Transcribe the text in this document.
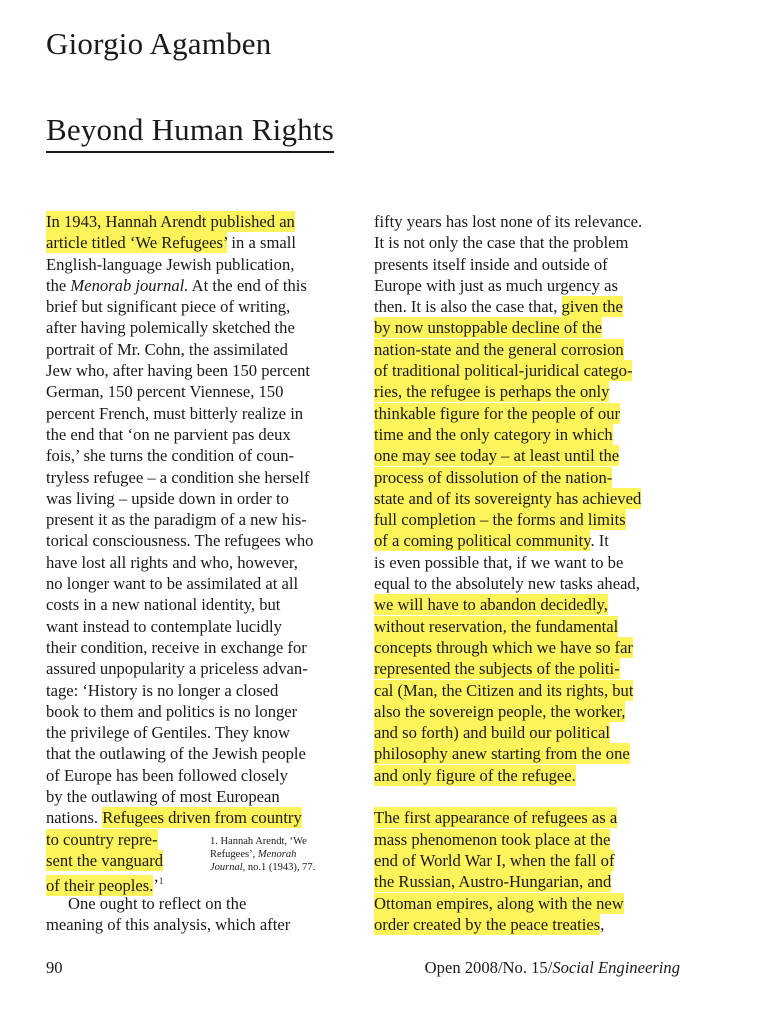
Giorgio Agamben
Beyond Human Rights
In 1943, Hannah Arendt published an
article titled ‘We Refugees’ in a small
English-language Jewish publication,
the Menorab journal. At the end of this
brief but significant piece of writing,
after having polemically sketched the
portrait of Mr. Cohn, the assimilated
Jew who, after having been 150 percent
German, 150 percent Viennese, 150
percent French, must bitterly realize in
the end that ‘on ne parvient pas deux
fois,’ she turns the condition of coun-
tryless refugee – a condition she herself
was living – upside down in order to
present it as the paradigm of a new his-
torical consciousness. The refugees who
have lost all rights and who, however,
no longer want to be assimilated at all
costs in a new national identity, but
want instead to contemplate lucidly
their condition, receive in exchange for
assured unpopularity a priceless advan-
tage: ‘History is no longer a closed
book to them and politics is no longer
the privilege of Gentiles. They know
that the outlawing of the Jewish people
of Europe has been followed closely
by the outlawing of most European
nations. Refugees driven from country
to country repre-
sent the vanguard
of their peoples.’$^1$
One ought to reflect on the
meaning of this analysis, which after
1. Hannah Arendt, ‘We
Refugees’, Menorah
Journal, no.1 (1943), 77.
fifty years has lost none of its relevance.
It is not only the case that the problem
presents itself inside and outside of
Europe with just as much urgency as
then. It is also the case that, given the
by now unstoppable decline of the
nation-state and the general corrosion
of traditional political-juridical catego-
ries, the refugee is perhaps the only
thinkable figure for the people of our
time and the only category in which
one may see today – at least until the
process of dissolution of the nation-
state and of its sovereignty has achieved
full completion – the forms and limits
of a coming political community. It
is even possible that, if we want to be
equal to the absolutely new tasks ahead,
we will have to abandon decidedly,
without reservation, the fundamental
concepts through which we have so far
represented the subjects of the politi-
cal (Man, the Citizen and its rights, but
also the sovereign people, the worker,
and so forth) and build our political
philosophy anew starting from the one
and only figure of the refugee.
The first appearance of refugees as a
mass phenomenon took place at the
end of World War I, when the fall of
the Russian, Austro-Hungarian, and
Ottoman empires, along with the new
order created by the peace treaties,
90	Open 2008/No. 15/Social Engineering
